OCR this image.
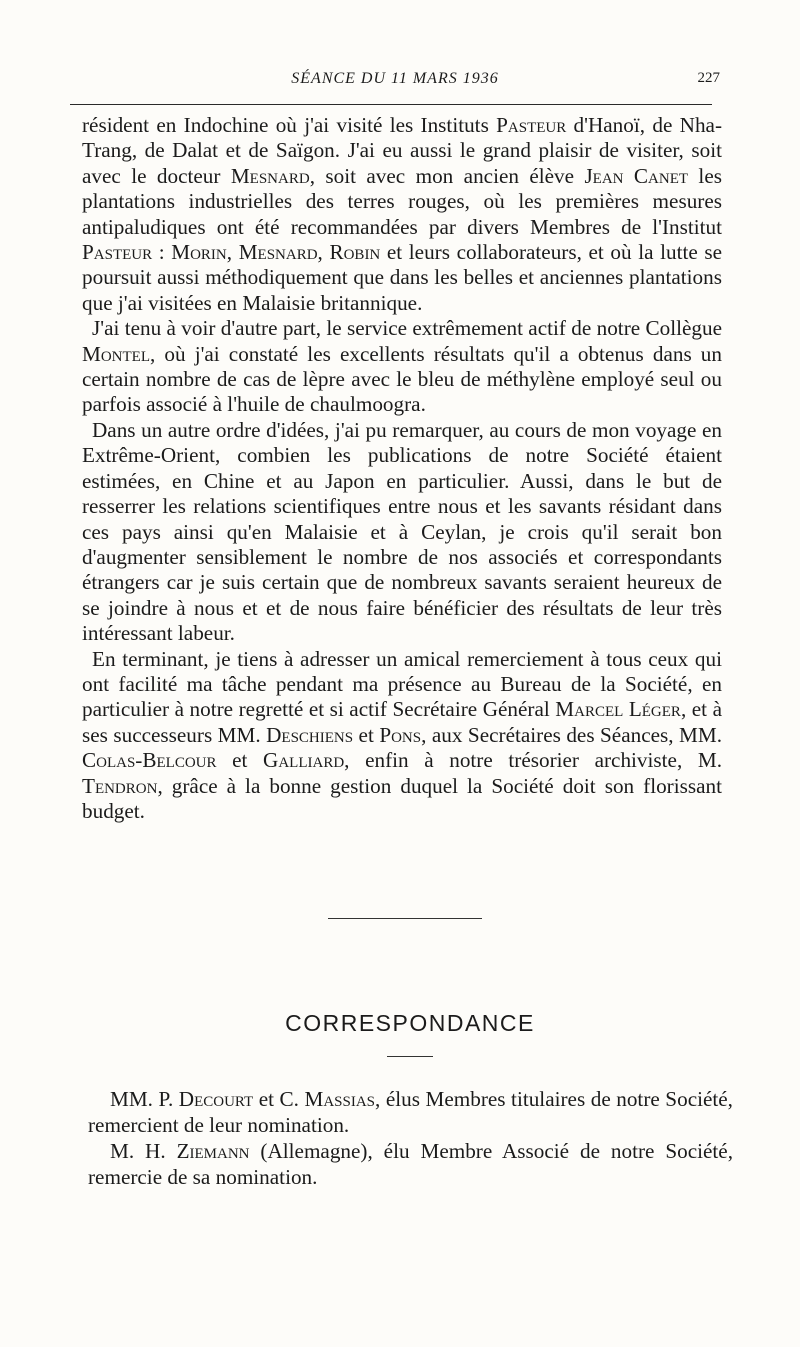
SÉANCE DU 11 MARS 1936	227

résident en Indochine où j'ai visité les Instituts Pasteur d'Hanoï, de Nha-Trang, de Dalat et de Saïgon. J'ai eu aussi le grand plaisir de visiter, soit avec le docteur Mesnard, soit avec mon ancien élève Jean Canet les plantations industrielles des terres rouges, où les premières mesures antipaludiques ont été recommandées par divers Membres de l'Institut Pasteur : Morin, Mesnard, Robin et leurs collaborateurs, et où la lutte se poursuit aussi méthodiquement que dans les belles et anciennes plantations que j'ai visitées en Malaisie britannique.

J'ai tenu à voir d'autre part, le service extrêmement actif de notre Collègue Montel, où j'ai constaté les excellents résultats qu'il a obtenus dans un certain nombre de cas de lèpre avec le bleu de méthylène employé seul ou parfois associé à l'huile de chaulmoogra.

Dans un autre ordre d'idées, j'ai pu remarquer, au cours de mon voyage en Extrême-Orient, combien les publications de notre Société étaient estimées, en Chine et au Japon en particulier. Aussi, dans le but de resserrer les relations scientifiques entre nous et les savants résidant dans ces pays ainsi qu'en Malaisie et à Ceylan, je crois qu'il serait bon d'augmenter sensiblement le nombre de nos associés et correspondants étrangers car je suis certain que de nombreux savants seraient heureux de se joindre à nous et et de nous faire bénéficier des résultats de leur très intéressant labeur.

En terminant, je tiens à adresser un amical remerciement à tous ceux qui ont facilité ma tâche pendant ma présence au Bureau de la Société, en particulier à notre regretté et si actif Secrétaire Général Marcel Léger, et à ses successeurs MM. Deschiens et Pons, aux Secrétaires des Séances, MM. Colas-Belcour et Galliard, enfin à notre trésorier archiviste, M. Tendron, grâce à la bonne gestion duquel la Société doit son florissant budget.

CORRESPONDANCE

MM. P. Decourt et C. Massias, élus Membres titulaires de notre Société, remercient de leur nomination.

M. H. Ziemann (Allemagne), élu Membre Associé de notre Société, remercie de sa nomination.
